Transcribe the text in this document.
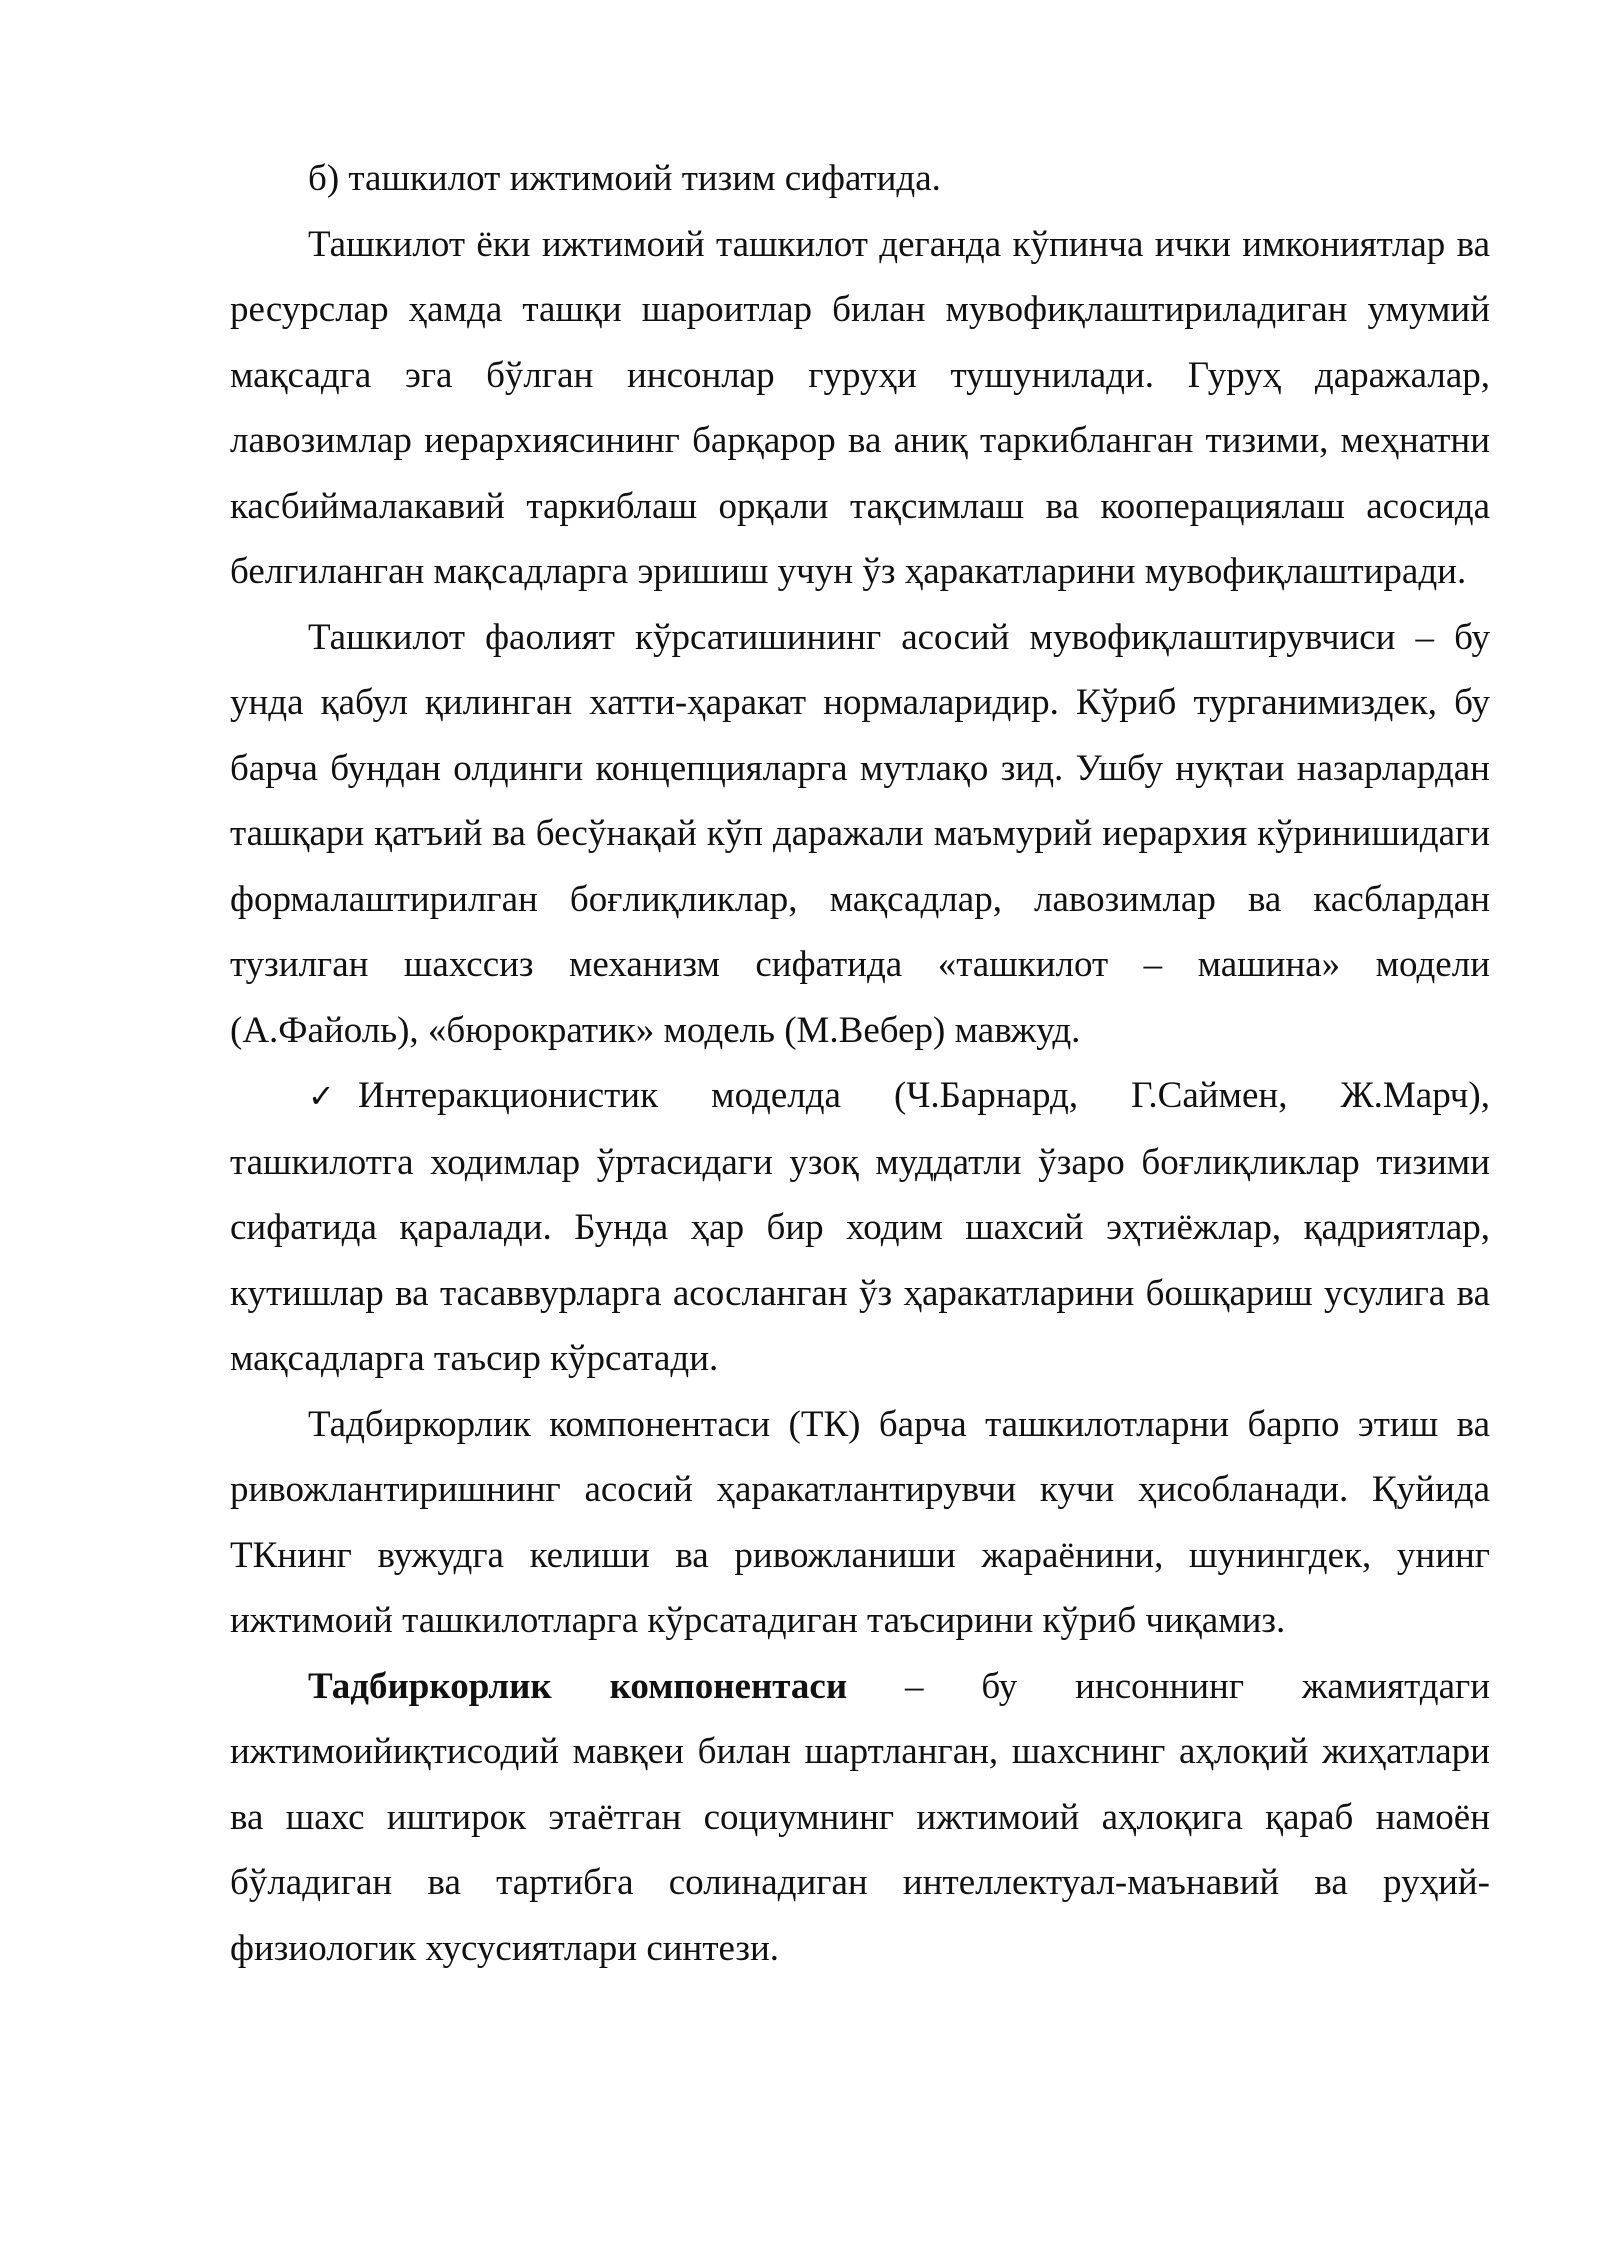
б) ташкилот ижтимоий тизим сифатида.

Ташкилот ёки ижтимоий ташкилот деганда кўпинча ички имкониятлар ва ресурслар ҳамда ташқи шароитлар билан мувофиқлаштириладиган умумий мақсадга эга бўлган инсонлар гуруҳи тушунилади. Гуруҳ даражалар, лавозимлар иерархиясининг барқарор ва аниқ таркибланган тизими, меҳнатни касбиймалакавий таркиблаш орқали тақсимлаш ва кооперациялаш асосида белгиланган мақсадларга эришиш учун ўз ҳаракатларини мувофиқлаштиради.

Ташкилот фаолият кўрсатишининг асосий мувофиқлаштирувчиси – бу унда қабул қилинган хатти-ҳаракат нормаларидир. Кўриб турганимиздек, бу барча бундан олдинги концепцияларга мутлақо зид. Ушбу нуқтаи назарлардан ташқари қатъий ва бесўнақай кўп даражали маъмурий иерархия кўринишидаги формалаштирилган боғлиқликлар, мақсадлар, лавозимлар ва касблардан тузилган шахссиз механизм сифатида «ташкилот – машина» модели (А.Файоль), «бюрократик» модель (М.Вебер) мавжуд.

✓ Интеракционистик моделда (Ч.Барнард, Г.Саймен, Ж.Марч), ташкилотга ходимлар ўртасидаги узоқ муддатли ўзаро боғлиқликлар тизими сифатида қаралади. Бунда ҳар бир ходим шахсий эҳтиёжлар, қадриятлар, кутишлар ва тасаввурларга асосланган ўз ҳаракатларини бошқариш усулига ва мақсадларга таъсир кўрсатади.

Тадбиркорлик компонентаси (ТК) барча ташкилотларни барпо этиш ва ривожлантиришнинг асосий ҳаракатлантирувчи кучи ҳисобланади. Қуйида ТКнинг вужудга келиши ва ривожланиши жараёнини, шунингдек, унинг ижтимоий ташкилотларга кўрсатадиган таъсирини кўриб чиқамиз.

Тадбиркорлик компонентаси – бу инсоннинг жамиятдаги ижтимоийиқтисодий мавқеи билан шартланган, шахснинг аҳлоқий жиҳатлари ва шахс иштирок этаётган социумнинг ижтимоий аҳлоқига қараб намоён бўладиган ва тартибга солинадиган интеллектуал-маънавий ва руҳий-физиологик хусусиятлари синтези.
